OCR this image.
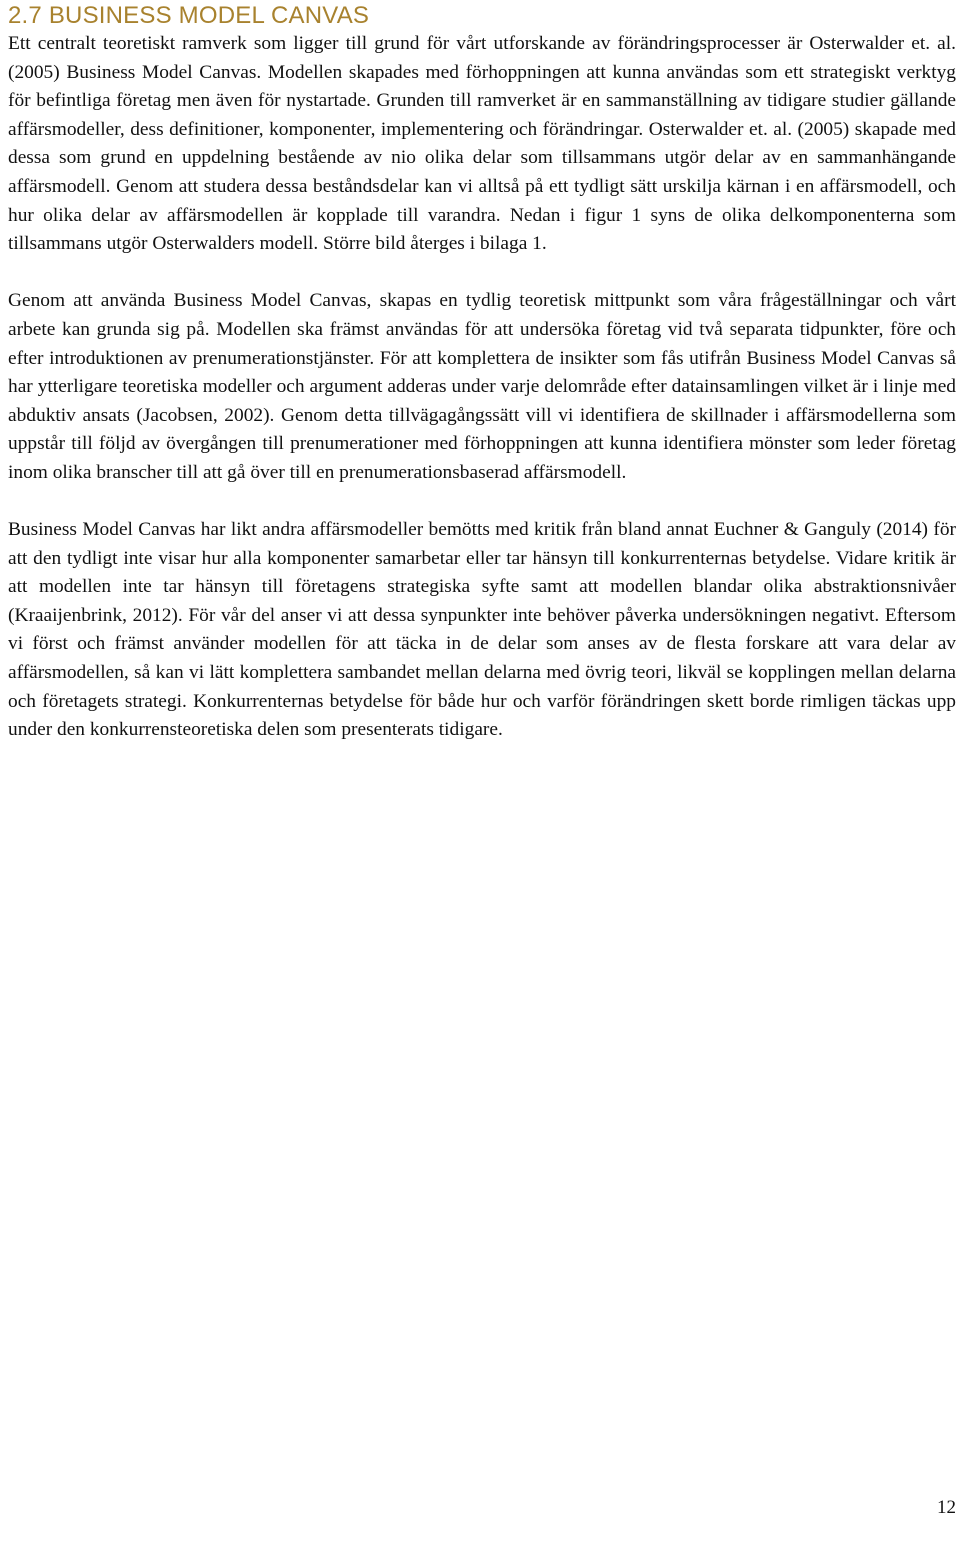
2.7 BUSINESS MODEL CANVAS

Ett centralt teoretiskt ramverk som ligger till grund för vårt utforskande av förändringsprocesser är Osterwalder et. al. (2005) Business Model Canvas. Modellen skapades med förhoppningen att kunna användas som ett strategiskt verktyg för befintliga företag men även för nystartade. Grunden till ramverket är en sammanställning av tidigare studier gällande affärsmodeller, dess definitioner, komponenter, implementering och förändringar. Osterwalder et. al. (2005) skapade med dessa som grund en uppdelning bestående av nio olika delar som tillsammans utgör delar av en sammanhängande affärsmodell. Genom att studera dessa beståndsdelar kan vi alltså på ett tydligt sätt urskilja kärnan i en affärsmodell, och hur olika delar av affärsmodellen är kopplade till varandra. Nedan i figur 1 syns de olika delkomponenterna som tillsammans utgör Osterwalders modell. Större bild återges i bilaga 1.

Genom att använda Business Model Canvas, skapas en tydlig teoretisk mittpunkt som våra frågeställningar och vårt arbete kan grunda sig på. Modellen ska främst användas för att undersöka företag vid två separata tidpunkter, före och efter introduktionen av prenumerationstjänster. För att komplettera de insikter som fås utifrån Business Model Canvas så har ytterligare teoretiska modeller och argument adderas under varje delområde efter datainsamlingen vilket är i linje med abduktiv ansats (Jacobsen, 2002). Genom detta tillvägagångssätt vill vi identifiera de skillnader i affärsmodellerna som uppstår till följd av övergången till prenumerationer med förhoppningen att kunna identifiera mönster som leder företag inom olika branscher till att gå över till en prenumerationsbaserad affärsmodell.

Business Model Canvas har likt andra affärsmodeller bemötts med kritik från bland annat Euchner & Ganguly (2014) för att den tydligt inte visar hur alla komponenter samarbetar eller tar hänsyn till konkurrenternas betydelse. Vidare kritik är att modellen inte tar hänsyn till företagens strategiska syfte samt att modellen blandar olika abstraktionsnivåer (Kraaijenbrink, 2012). För vår del anser vi att dessa synpunkter inte behöver påverka undersökningen negativt. Eftersom vi först och främst använder modellen för att täcka in de delar som anses av de flesta forskare att vara delar av affärsmodellen, så kan vi lätt komplettera sambandet mellan delarna med övrig teori, likväl se kopplingen mellan delarna och företagets strategi. Konkurrenternas betydelse för både hur och varför förändringen skett borde rimligen täckas upp under den konkurrensteoretiska delen som presenterats tidigare.

12
